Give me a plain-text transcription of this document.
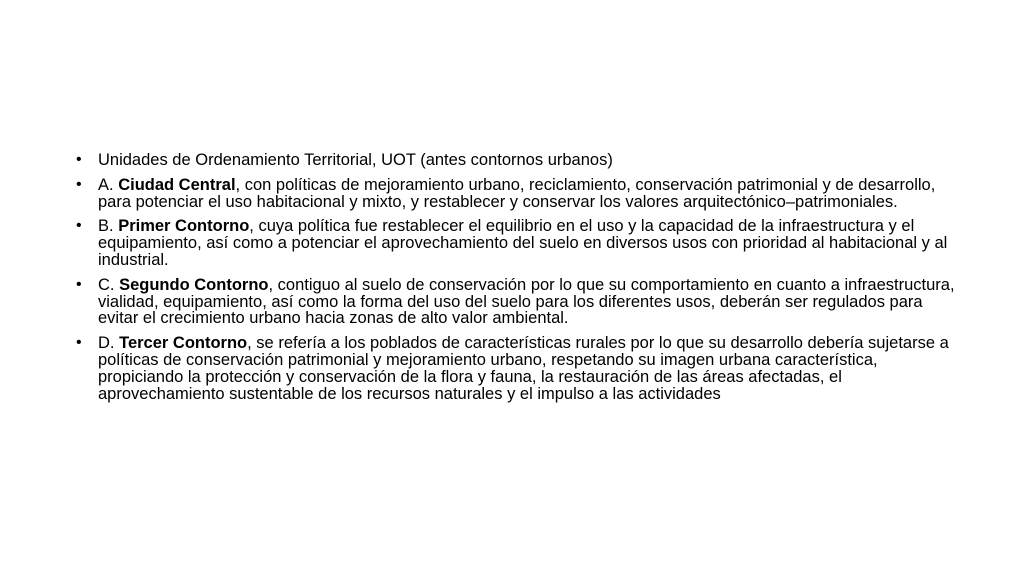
• Unidades de Ordenamiento Territorial, UOT (antes contornos urbanos)
• A. Ciudad Central, con políticas de mejoramiento urbano, reciclamiento, conservación patrimonial y de desarrollo, para potenciar el uso habitacional y mixto, y restablecer y conservar los valores arquitectónico–patrimoniales.
• B. Primer Contorno, cuya política fue restablecer el equilibrio en el uso y la capacidad de la infraestructura y el equipamiento, así como a potenciar el aprovechamiento del suelo en diversos usos con prioridad al habitacional y al industrial.
• C. Segundo Contorno, contiguo al suelo de conservación por lo que su comportamiento en cuanto a infraestructura, vialidad, equipamiento, así como la forma del uso del suelo para los diferentes usos, deberán ser regulados para evitar el crecimiento urbano hacia zonas de alto valor ambiental.
• D. Tercer Contorno, se refería a los poblados de características rurales por lo que su desarrollo debería sujetarse a políticas de conservación patrimonial y mejoramiento urbano, respetando su imagen urbana característica, propiciando la protección y conservación de la flora y fauna, la restauración de las áreas afectadas, el aprovechamiento sustentable de los recursos naturales y el impulso a las actividades
